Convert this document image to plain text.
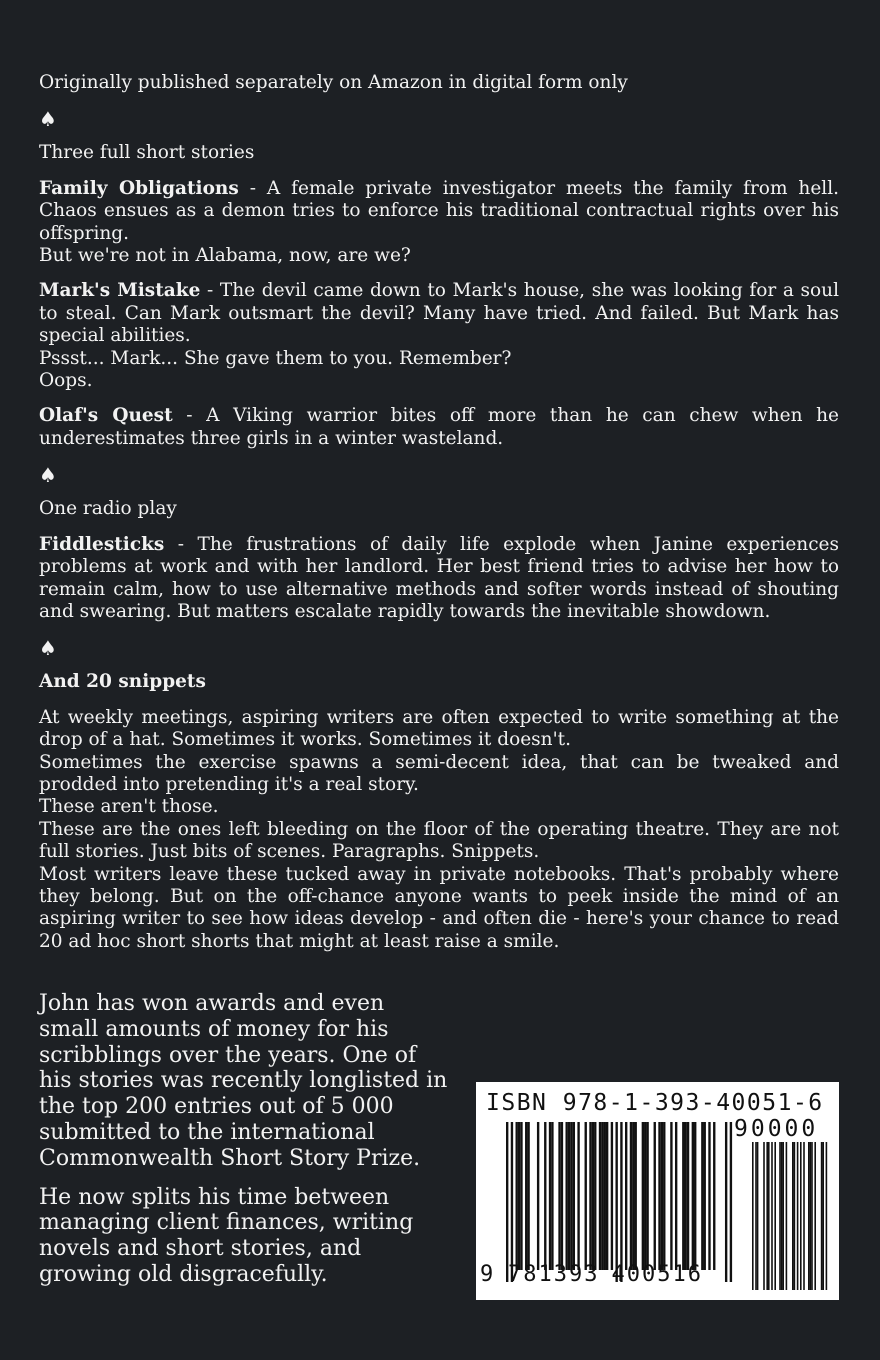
Originally published separately on Amazon in digital form only

♠

Three full short stories

Family Obligations - A female private investigator meets the family from hell. Chaos ensues as a demon tries to enforce his traditional contractual rights over his offspring.

But we're not in Alabama, now, are we?

Mark's Mistake - The devil came down to Mark's house, she was looking for a soul to steal. Can Mark outsmart the devil? Many have tried. And failed. But Mark has special abilities.

Pssst... Mark... She gave them to you. Remember?

Oops.

Olaf's Quest - A Viking warrior bites off more than he can chew when he underestimates three girls in a winter wasteland.

♠

One radio play

Fiddlesticks - The frustrations of daily life explode when Janine experiences problems at work and with her landlord. Her best friend tries to advise her how to remain calm, how to use alternative methods and softer words instead of shouting and swearing. But matters escalate rapidly towards the inevitable showdown.

♠

And 20 snippets

At weekly meetings, aspiring writers are often expected to write something at the drop of a hat. Sometimes it works. Sometimes it doesn't.

Sometimes the exercise spawns a semi-decent idea, that can be tweaked and prodded into pretending it's a real story.

These aren't those.

These are the ones left bleeding on the floor of the operating theatre. They are not full stories. Just bits of scenes. Paragraphs. Snippets.

Most writers leave these tucked away in private notebooks. That's probably where they belong. But on the off-chance anyone wants to peek inside the mind of an aspiring writer to see how ideas develop - and often die - here's your chance to read 20 ad hoc short shorts that might at least raise a smile.

John has won awards and even small amounts of money for his scribblings over the years. One of his stories was recently longlisted in the top 200 entries out of 5 000 submitted to the international Commonwealth Short Story Prize.

He now splits his time between managing client finances, writing novels and short stories, and growing old disgracefully.

ISBN 978-1-393-40051-6
90000
9 781393 400516
